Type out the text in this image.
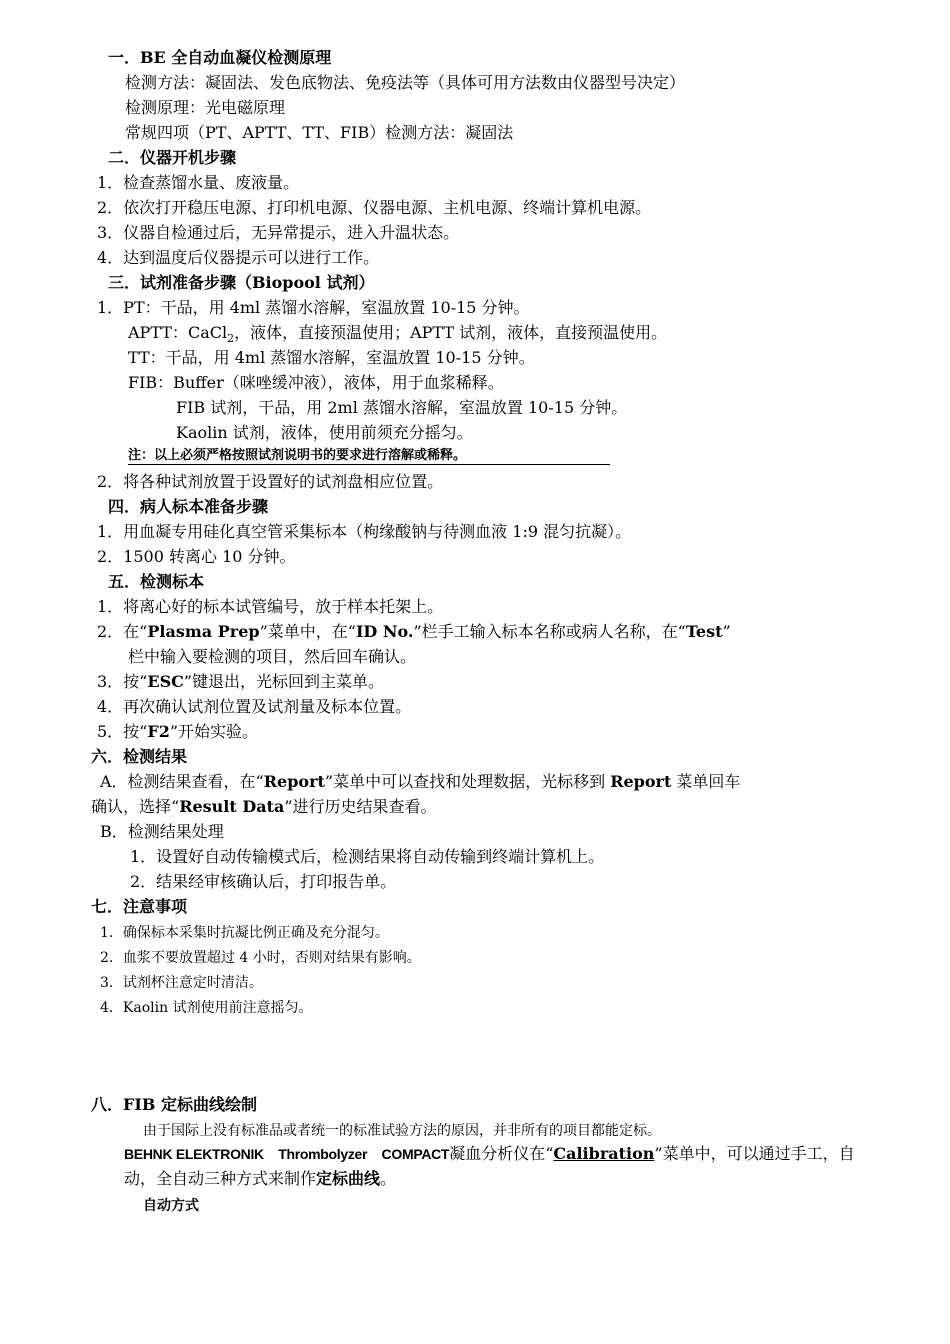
一．BE 全自动血凝仪检测原理
检测方法：凝固法、发色底物法、免疫法等（具体可用方法数由仪器型号决定）
检测原理：光电磁原理
常规四项（PT、APTT、TT、FIB）检测方法：凝固法
二．仪器开机步骤
1．检查蒸馏水量、废液量。
2．依次打开稳压电源、打印机电源、仪器电源、主机电源、终端计算机电源。
3．仪器自检通过后，无异常提示，进入升温状态。
4．达到温度后仪器提示可以进行工作。
三．试剂准备步骤（Biopool 试剂）
1．PT：干品，用 4ml 蒸馏水溶解，室温放置 10-15 分钟。
APTT：CaCl$_2$，液体，直接预温使用；APTT 试剂，液体，直接预温使用。
TT：干品，用 4ml 蒸馏水溶解，室温放置 10-15 分钟。
FIB：Buffer（咪唑缓冲液），液体，用于血浆稀释。
FIB 试剂，干品，用 2ml 蒸馏水溶解，室温放置 10-15 分钟。
Kaolin 试剂，液体，使用前须充分摇匀。
注：以上必须严格按照试剂说明书的要求进行溶解或稀释。
2．将各种试剂放置于设置好的试剂盘相应位置。
四．病人标本准备步骤
1．用血凝专用硅化真空管采集标本（枸缘酸钠与待测血液 1:9 混匀抗凝）。
2．1500 转离心 10 分钟。
五．检测标本
1．将离心好的标本试管编号，放于样本托架上。
2．在“Plasma Prep”菜单中，在“ID No.”栏手工输入标本名称或病人名称，在“Test”
栏中输入要检测的项目，然后回车确认。
3．按“ESC”键退出，光标回到主菜单。
4．再次确认试剂位置及试剂量及标本位置。
5．按“F2”开始实验。
六．检测结果
A．检测结果查看，在“Report”菜单中可以查找和处理数据，光标移到 Report 菜单回车
确认，选择“Result Data”进行历史结果查看。
B．检测结果处理
1．设置好自动传输模式后，检测结果将自动传输到终端计算机上。
2．结果经审核确认后，打印报告单。
七．注意事项
1．确保标本采集时抗凝比例正确及充分混匀。
2．血浆不要放置超过 4 小时，否则对结果有影响。
3．试剂杯注意定时清洁。
4．Kaolin 试剂使用前注意摇匀。
八．FIB 定标曲线绘制
由于国际上没有标准品或者统一的标准试验方法的原因，并非所有的项目都能定标。
BEHNK ELEKTRONIK    Thrombolyzer    COMPACT凝血分析仪在“Calibration”菜单中，可以通过手工，自
动，全自动三种方式来制作定标曲线。
自动方式
